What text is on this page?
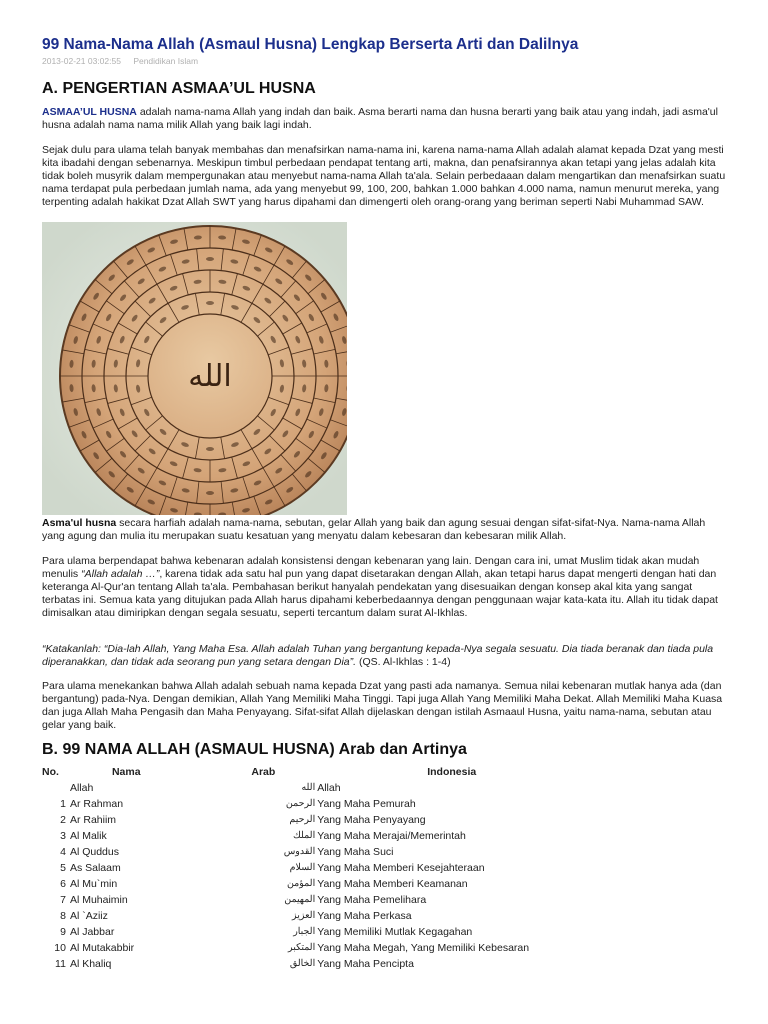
99 Nama-Nama Allah (Asmaul Husna) Lengkap Berserta Arti dan Dalilnya
2013-02-21 03:02:55 Pendidikan Islam
A. PENGERTIAN ASMAA’UL HUSNA

ASMAA’UL HUSNA adalah nama-nama Allah yang indah dan baik. Asma berarti nama dan husna berarti yang baik atau yang indah, jadi asma'ul husna adalah nama nama milik Allah yang baik lagi indah.

Sejak dulu para ulama telah banyak membahas dan menafsirkan nama-nama ini, karena nama-nama Allah adalah alamat kepada Dzat yang mesti kita ibadahi dengan sebenarnya. Meskipun timbul perbedaan pendapat tentang arti, makna, dan penafsirannya akan tetapi yang jelas adalah kita tidak boleh musyrik dalam mempergunakan atau menyebut nama-nama Allah ta'ala. Selain perbedaaan dalam mengartikan dan menafsirkan suatu nama terdapat pula perbedaan jumlah nama, ada yang menyebut 99, 100, 200, bahkan 1.000 bahkan 4.000 nama, namun menurut mereka, yang terpenting adalah hakikat Dzat Allah SWT yang harus dipahami dan dimengerti oleh orang-orang yang beriman seperti Nabi Muhammad SAW.

الله

Asma'ul husna secara harfiah adalah nama-nama, sebutan, gelar Allah yang baik dan agung sesuai dengan sifat-sifat-Nya. Nama-nama Allah yang agung dan mulia itu merupakan suatu kesatuan yang menyatu dalam kebesaran dan kebesaran milik Allah.

Para ulama berpendapat bahwa kebenaran adalah konsistensi dengan kebenaran yang lain. Dengan cara ini, umat Muslim tidak akan mudah menulis “Allah adalah …”, karena tidak ada satu hal pun yang dapat disetarakan dengan Allah, akan tetapi harus dapat mengerti dengan hati dan keteranga Al-Qur'an tentang Allah ta'ala. Pembahasan berikut hanyalah pendekatan yang disesuaikan dengan konsep akal kita yang sangat terbatas ini. Semua kata yang ditujukan pada Allah harus dipahami keberbedaannya dengan penggunaan wajar kata-kata itu. Allah itu tidak dapat dimisalkan atau dimiripkan dengan segala sesuatu, seperti tercantum dalam surat Al-Ikhlas.

“Katakanlah: “Dia-lah Allah, Yang Maha Esa. Allah adalah Tuhan yang bergantung kepada-Nya segala sesuatu. Dia tiada beranak dan tiada pula diperanakkan, dan tidak ada seorang pun yang setara dengan Dia”. (QS. Al-Ikhlas : 1-4)

Para ulama menekankan bahwa Allah adalah sebuah nama kepada Dzat yang pasti ada namanya. Semua nilai kebenaran mutlak hanya ada (dan bergantung) pada-Nya. Dengan demikian, Allah Yang Memiliki Maha Tinggi. Tapi juga Allah Yang Memiliki Maha Dekat. Allah Memiliki Maha Kuasa dan juga Allah Maha Pengasih dan Maha Penyayang. Sifat-sifat Allah dijelaskan dengan istilah Asmaaul Husna, yaitu nama-nama, sebutan atau gelar yang baik.

B. 99 NAMA ALLAH (ASMAUL HUSNA) Arab dan Artinya
No.	Nama	Arab	Indonesia
	Allah	الله	Allah
1	Ar Rahman	الرحمن	Yang Maha Pemurah
2	Ar Rahiim	الرحيم	Yang Maha Penyayang
3	Al Malik	الملك	Yang Maha Merajai/Memerintah
4	Al Quddus	القدوس	Yang Maha Suci
5	As Salaam	السلام	Yang Maha Memberi Kesejahteraan
6	Al Mu`min	المؤمن	Yang Maha Memberi Keamanan
7	Al Muhaimin	المهيمن	Yang Maha Pemelihara
8	Al `Aziiz	العزيز	Yang Maha Perkasa
9	Al Jabbar	الجبار	Yang Memiliki Mutlak Kegagahan
10	Al Mutakabbir	المتكبر	Yang Maha Megah, Yang Memiliki Kebesaran
11	Al Khaliq	الخالق	Yang Maha Pencipta
